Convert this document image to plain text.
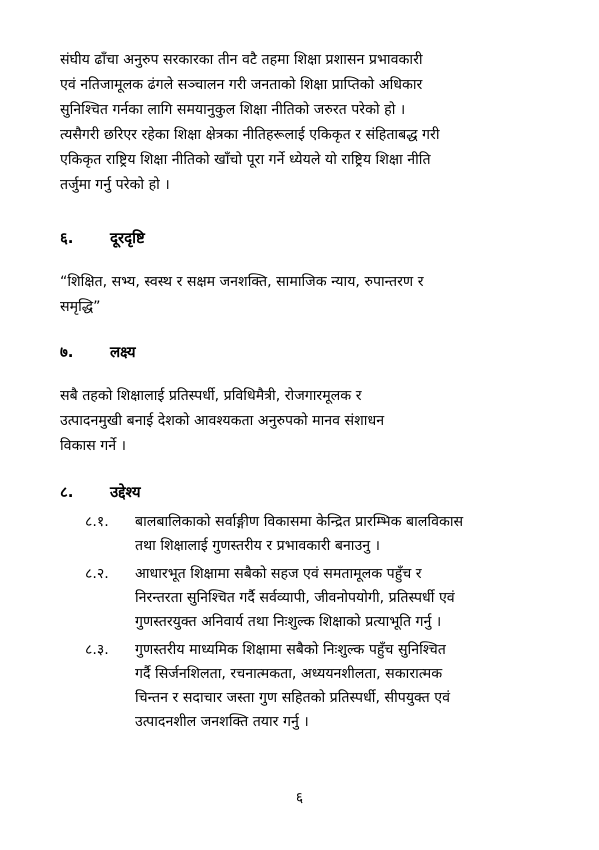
संघीय ढाँचा अनुरुप सरकारका तीन वटै तहमा शिक्षा प्रशासन प्रभावकारी
एवं नतिजामूलक ढंगले सञ्चालन गरी जनताको शिक्षा प्राप्तिको अधिकार
सुनिश्चित गर्नका लागि समयानुकुल शिक्षा नीतिको जरुरत परेको हो ।
त्यसैगरी छरिएर रहेका शिक्षा क्षेत्रका नीतिहरूलाई एकिकृत र संहिताबद्ध गरी
एकिकृत राष्ट्रिय शिक्षा नीतिको खाँचो पूरा गर्ने ध्येयले यो राष्ट्रिय शिक्षा नीति
तर्जुमा गर्नु परेको हो ।

६.	दूरदृष्टि

“शिक्षित, सभ्य, स्वस्थ र सक्षम जनशक्ति, सामाजिक न्याय, रुपान्तरण र
समृद्धि”

७.	लक्ष्य

सबै तहको शिक्षालाई प्रतिस्पर्धी, प्रविधिमैत्री, रोजगारमूलक र
उत्पादनमुखी बनाई देशको आवश्यकता अनुरुपको मानव संशाधन
विकास गर्ने ।

८.	उद्देश्य
८.१.	बालबालिकाको सर्वाङ्गीण विकासमा केन्द्रित प्रारम्भिक बालविकास
तथा शिक्षालाई गुणस्तरीय र प्रभावकारी बनाउनु ।
८.२.	आधारभूत शिक्षामा सबैको सहज एवं समतामूलक पहुँच र
निरन्तरता सुनिश्चित गर्दै सर्वव्यापी, जीवनोपयोगी, प्रतिस्पर्धी एवं
गुणस्तरयुक्त अनिवार्य तथा निःशुल्क शिक्षाको प्रत्याभूति गर्नु ।
८.३.	गुणस्तरीय माध्यमिक शिक्षामा सबैको निःशुल्क पहुँच सुनिश्चित
गर्दै सिर्जनशिलता, रचनात्मकता, अध्ययनशीलता, सकारात्मक
चिन्तन र सदाचार जस्ता गुण सहितको प्रतिस्पर्धी, सीपयुक्त एवं
उत्पादनशील जनशक्ति तयार गर्नु ।
६
